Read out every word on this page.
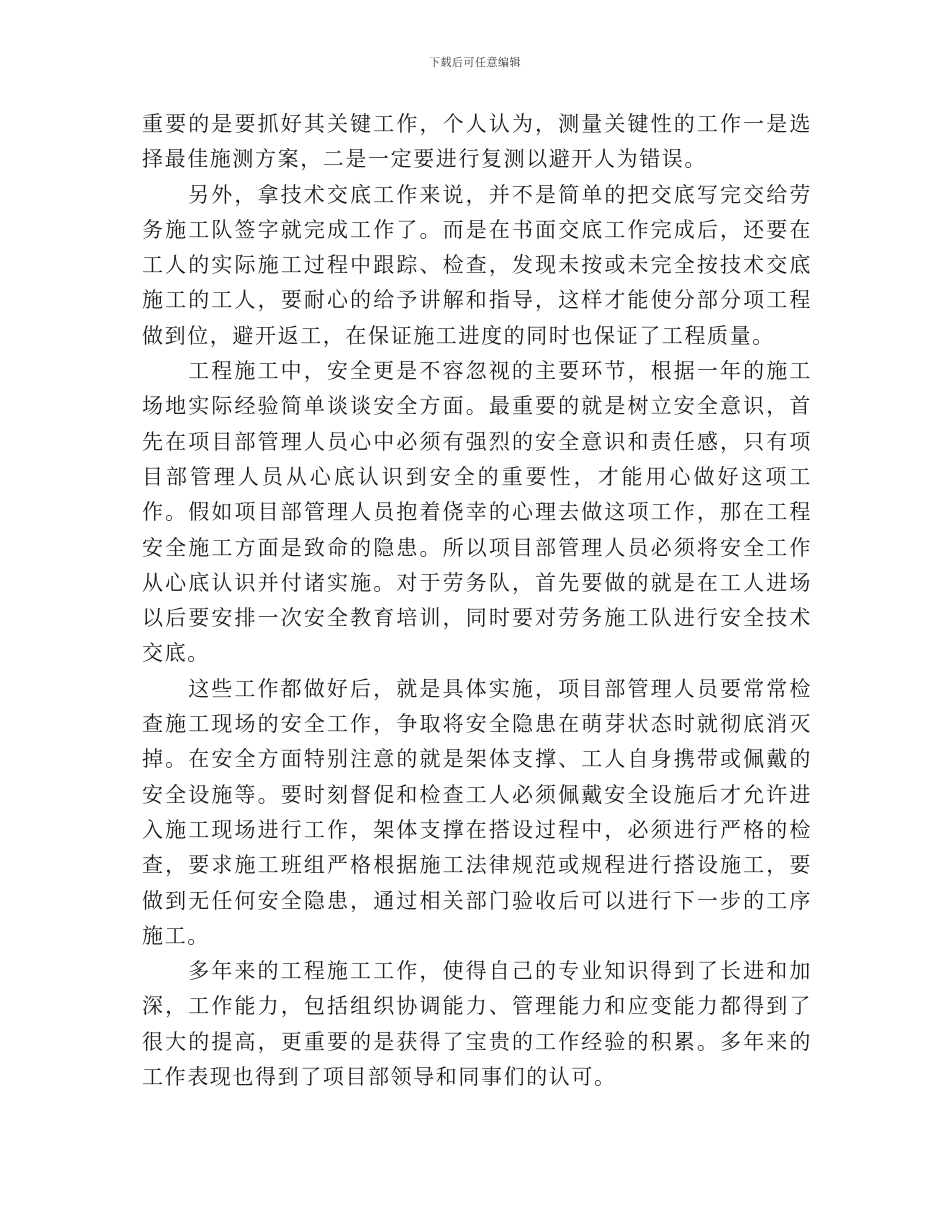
下载后可任意编辑

重要的是要抓好其关键工作，个人认为，测量关键性的工作一是选择最佳施测方案，二是一定要进行复测以避开人为错误。

另外，拿技术交底工作来说，并不是简单的把交底写完交给劳务施工队签字就完成工作了。而是在书面交底工作完成后，还要在工人的实际施工过程中跟踪、检查，发现未按或未完全按技术交底施工的工人，要耐心的给予讲解和指导，这样才能使分部分项工程做到位，避开返工，在保证施工进度的同时也保证了工程质量。

工程施工中，安全更是不容忽视的主要环节，根据一年的施工场地实际经验简单谈谈安全方面。最重要的就是树立安全意识，首先在项目部管理人员心中必须有强烈的安全意识和责任感，只有项目部管理人员从心底认识到安全的重要性，才能用心做好这项工作。假如项目部管理人员抱着侥幸的心理去做这项工作，那在工程安全施工方面是致命的隐患。所以项目部管理人员必须将安全工作从心底认识并付诸实施。对于劳务队，首先要做的就是在工人进场以后要安排一次安全教育培训，同时要对劳务施工队进行安全技术交底。

这些工作都做好后，就是具体实施，项目部管理人员要常常检查施工现场的安全工作，争取将安全隐患在萌芽状态时就彻底消灭掉。在安全方面特别注意的就是架体支撑、工人自身携带或佩戴的安全设施等。要时刻督促和检查工人必须佩戴安全设施后才允许进入施工现场进行工作，架体支撑在搭设过程中，必须进行严格的检查，要求施工班组严格根据施工法律规范或规程进行搭设施工，要做到无任何安全隐患，通过相关部门验收后可以进行下一步的工序施工。

多年来的工程施工工作，使得自己的专业知识得到了长进和加深，工作能力，包括组织协调能力、管理能力和应变能力都得到了很大的提高，更重要的是获得了宝贵的工作经验的积累。多年来的工作表现也得到了项目部领导和同事们的认可。
